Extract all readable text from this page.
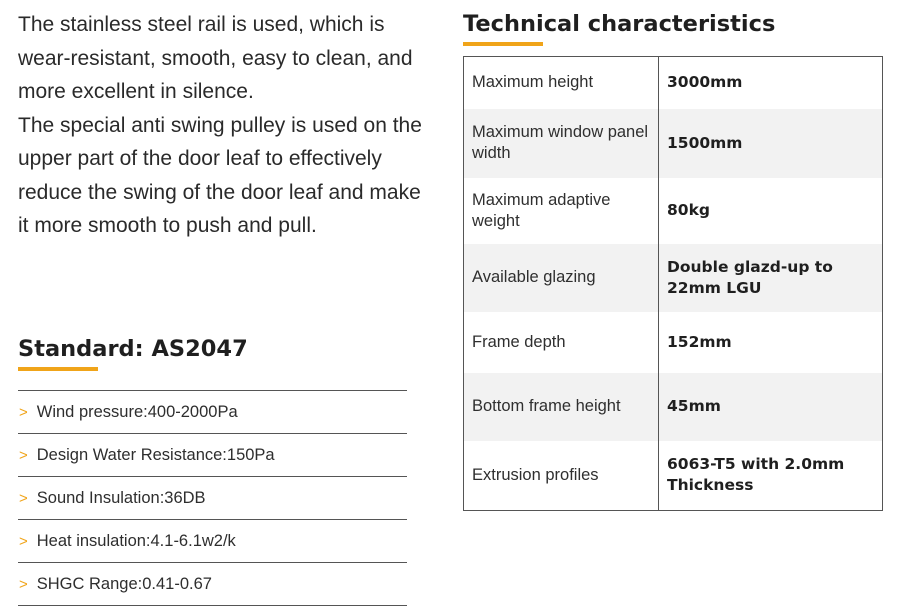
The stainless steel rail is used, which is wear-resistant, smooth, easy to clean, and more excellent in silence.

The special anti swing pulley is used on the upper part of the door leaf to effectively reduce the swing of the door leaf and make it more smooth to push and pull.

Standard: AS2047
> Wind pressure:400-2000Pa
> Design Water Resistance:150Pa
> Sound Insulation:36DB
> Heat insulation:4.1-6.1w2/k
> SHGC Range:0.41-0.67
Technical characteristics
Maximum height	3000mm
Maximum window panel width	1500mm
Maximum adaptive weight	80kg
Available glazing	Double glazd-up to 22mm LGU
Frame depth	152mm
Bottom frame height	45mm
Extrusion profiles	6063-T5 with 2.0mm Thickness
